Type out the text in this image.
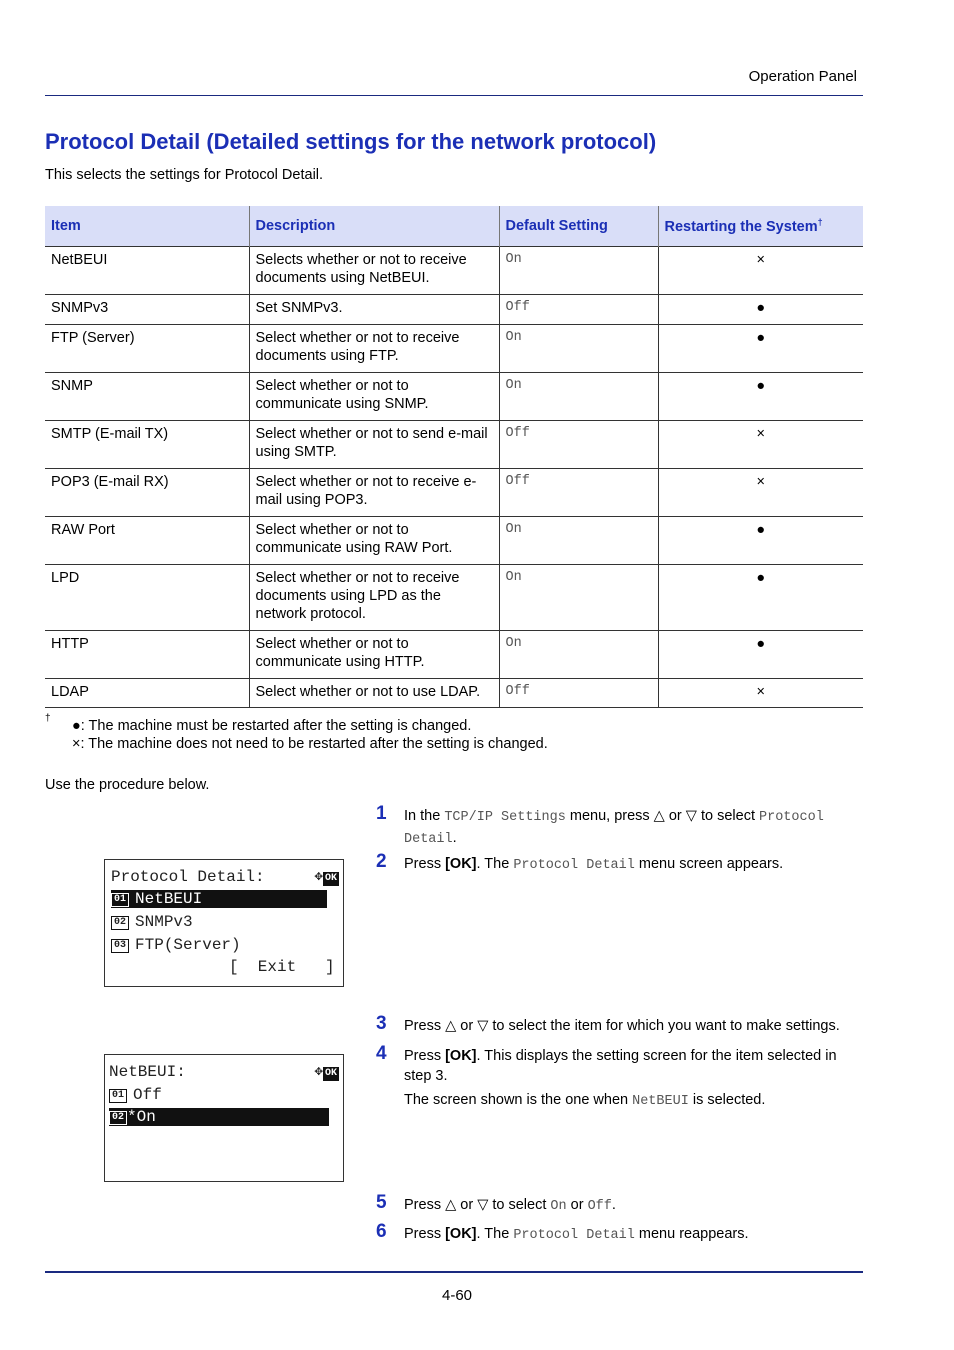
Operation Panel
Protocol Detail (Detailed settings for the network protocol)
This selects the settings for Protocol Detail.
Item	Description	Default Setting	Restarting the System†
NetBEUI	Selects whether or not to receive documents using NetBEUI.	On	×
SNMPv3	Set SNMPv3.	Off	●
FTP (Server)	Select whether or not to receive documents using FTP.	On	●
SNMP	Select whether or not to communicate using SNMP.	On	●
SMTP (E-mail TX)	Select whether or not to send e-mail using SMTP.	Off	×
POP3 (E-mail RX)	Select whether or not to receive e-mail using POP3.	Off	×
RAW Port	Select whether or not to communicate using RAW Port.	On	●
LPD	Select whether or not to receive documents using LPD as the network protocol.	On	●
HTTP	Select whether or not to communicate using HTTP.	On	●
LDAP	Select whether or not to use LDAP.	Off	×
† ●: The machine must be restarted after the setting is changed.
×: The machine does not need to be restarted after the setting is changed.
Use the procedure below.
1 In the TCP/IP Settings menu, press △ or ▽ to select Protocol Detail.
2 Press [OK]. The Protocol Detail menu screen appears.
Protocol Detail:	✥ OK
01 NetBEUI
02 SNMPv3
03 FTP(Server)
[  Exit   ]
3 Press △ or ▽ to select the item for which you want to make settings.
4 Press [OK]. This displays the setting screen for the item selected in step 3.
The screen shown is the one when NetBEUI is selected.
NetBEUI:	✥ OK
01 Off
02 *On
5 Press △ or ▽ to select On or Off.
6 Press [OK]. The Protocol Detail menu reappears.
4-60
